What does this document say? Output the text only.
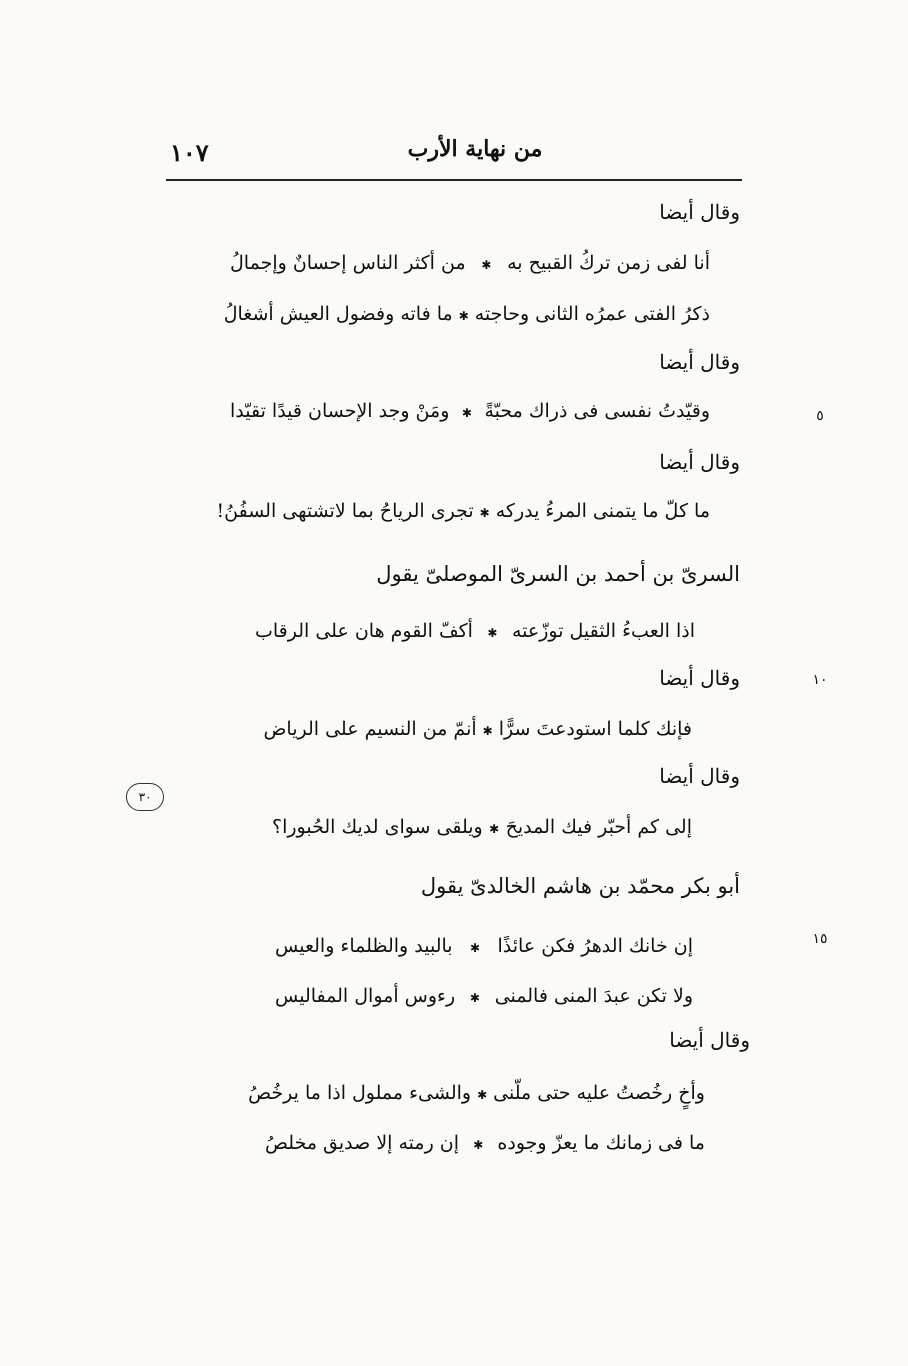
من نهاية الأرب
١٠٧
وقال أيضا
أنا لفى زمن تركُ القبيح به
✱
من أكثر الناس إحسانٌ وإجمالُ
ذكرُ الفتى عمرُه الثانى وحاجته
✱
ما فاته وفضول العيش أشغالُ
وقال أيضا
وقيّدتُ نفسى فى ذراك محبّةً
✱
ومَنْ وجد الإحسان قيدًا تقيّدا	٥
وقال أيضا
ما كلّ ما يتمنى المرءُ يدركه
✱
تجرى الرياحُ بما لاتشتهى السفُنُ!
السرىّ بن أحمد بن السرىّ الموصلىّ يقول
اذا العبءُ الثقيل توزّعته
✱
أكفّ القوم هان على الرقاب
وقال أيضا	١٠
فإنك كلما استودعتَ سرًّا
✱
أنمّ من النسيم على الرياض
وقال أيضا
٣٠
إلى كم أحبّر فيك المديحَ
✱
ويلقى سواى لديك الحُبورا؟
أبو بكر محمّد بن هاشم الخالدىّ يقول
إن خانك الدهرُ فكن عائذًا
✱
بالبيد والظلماء والعيس	١٥
ولا تكن عبدَ المنى فالمنى
✱
رءوس أموال المفاليس
وقال أيضا
وأخٍ رخُصتُ عليه حتى ملّنى
✱
والشىء مملول اذا ما يرخُصُ
ما فى زمانك ما يعزّ وجوده
✱
إن رمته إلا صديق مخلصُ
